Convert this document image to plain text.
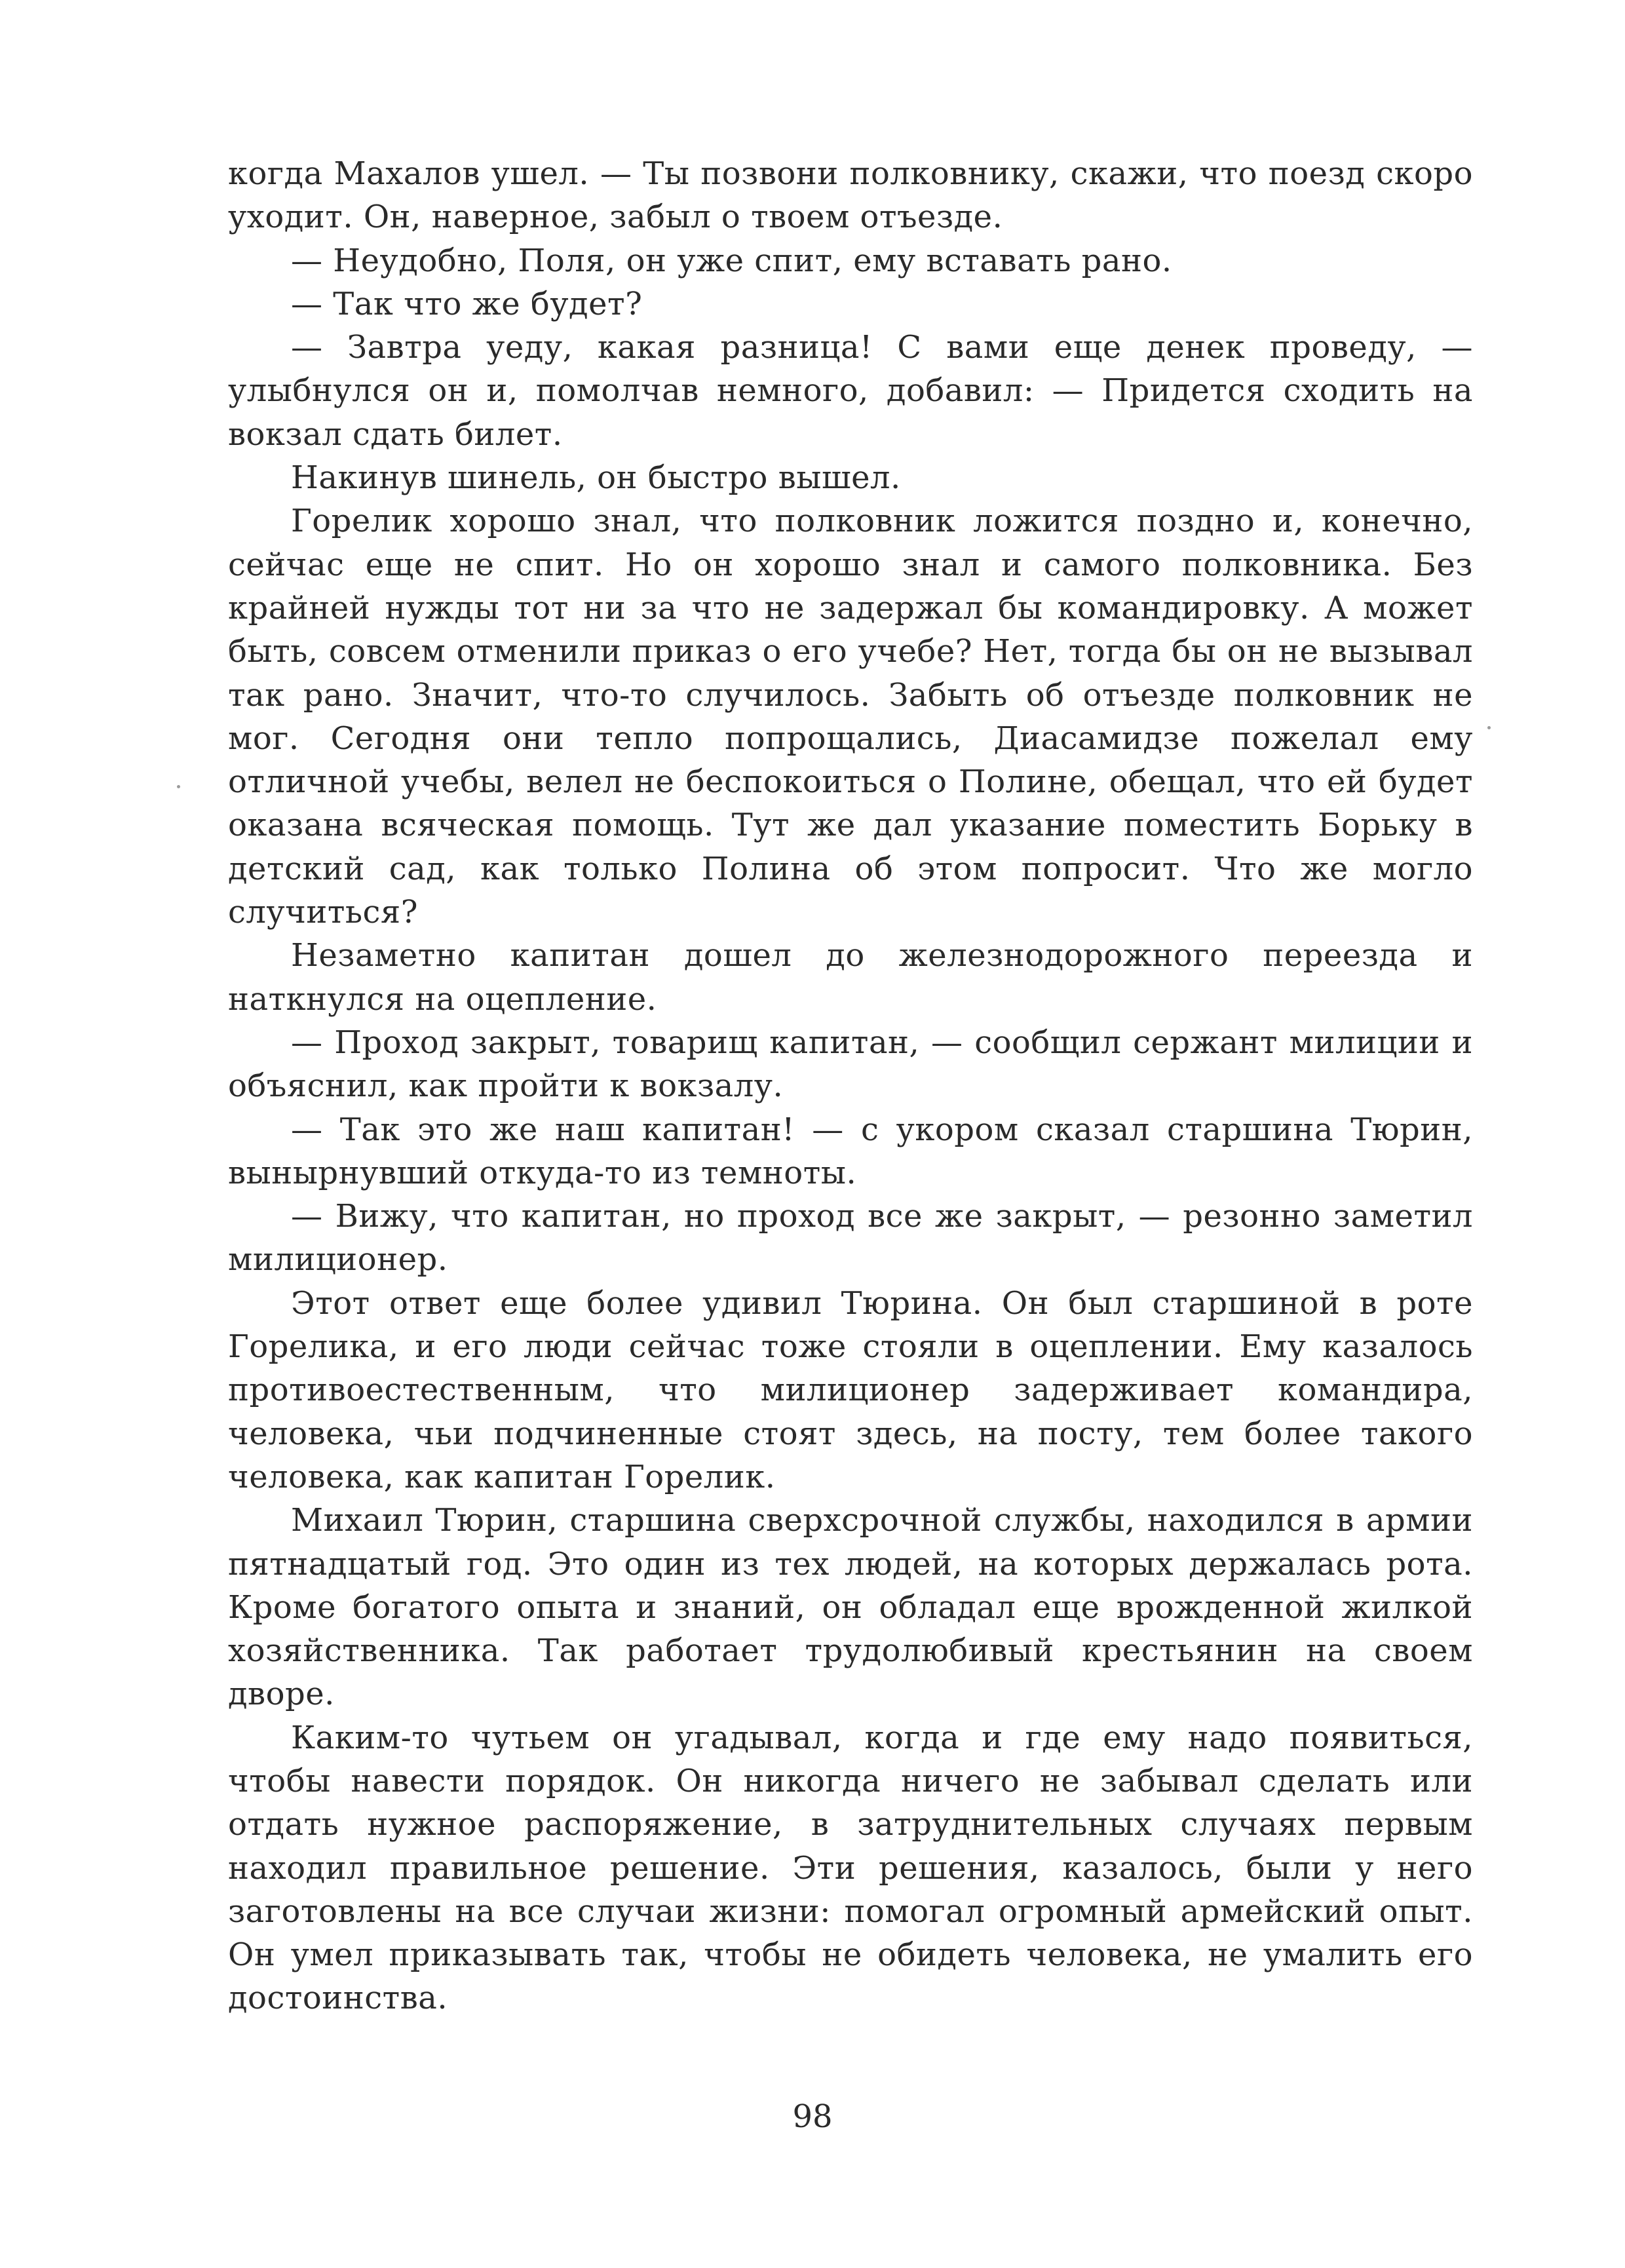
когда Махалов ушел. — Ты позвони полковнику, скажи, что поезд скоро уходит. Он, наверное, забыл о твоем отъезде.

— Неудобно, Поля, он уже спит, ему вставать рано.

— Так что же будет?

— Завтра уеду, какая разница! С вами еще денек проведу, — улыбнулся он и, помолчав немного, добавил: — Придется сходить на вокзал сдать билет.

Накинув шинель, он быстро вышел.

Горелик хорошо знал, что полковник ложится поздно и, конечно, сейчас еще не спит. Но он хорошо знал и самого полковника. Без крайней нужды тот ни за что не задержал бы командировку. А может быть, совсем отменили приказ о его учебе? Нет, тогда бы он не вызывал так рано. Значит, что-то случилось. Забыть об отъезде полковник не мог. Сегодня они тепло попрощались, Диасамидзе пожелал ему отличной учебы, велел не беспокоиться о Полине, обещал, что ей будет оказана всяческая помощь. Тут же дал указание поместить Борьку в детский сад, как только Полина об этом попросит. Что же могло случиться?

Незаметно капитан дошел до железнодорожного переезда и наткнулся на оцепление.

— Проход закрыт, товарищ капитан, — сообщил сержант милиции и объяснил, как пройти к вокзалу.

— Так это же наш капитан! — с укором сказал старшина Тюрин, вынырнувший откуда-то из темноты.

— Вижу, что капитан, но проход все же закрыт, — резонно заметил милиционер.

Этот ответ еще более удивил Тюрина. Он был старшиной в роте Горелика, и его люди сейчас тоже стояли в оцеплении. Ему казалось противоестественным, что милиционер задерживает командира, человека, чьи подчиненные стоят здесь, на посту, тем более такого человека, как капитан Горелик.

Михаил Тюрин, старшина сверхсрочной службы, находился в армии пятнадцатый год. Это один из тех людей, на которых держалась рота. Кроме богатого опыта и знаний, он обладал еще врожденной жилкой хозяйственника. Так работает трудолюбивый крестьянин на своем дворе.

Каким-то чутьем он угадывал, когда и где ему надо появиться, чтобы навести порядок. Он никогда ничего не забывал сделать или отдать нужное распоряжение, в затруднительных случаях первым находил правильное решение. Эти решения, казалось, были у него заготовлены на все случаи жизни: помогал огромный армейский опыт. Он умел приказывать так, чтобы не обидеть человека, не умалить его достоинства.

98
